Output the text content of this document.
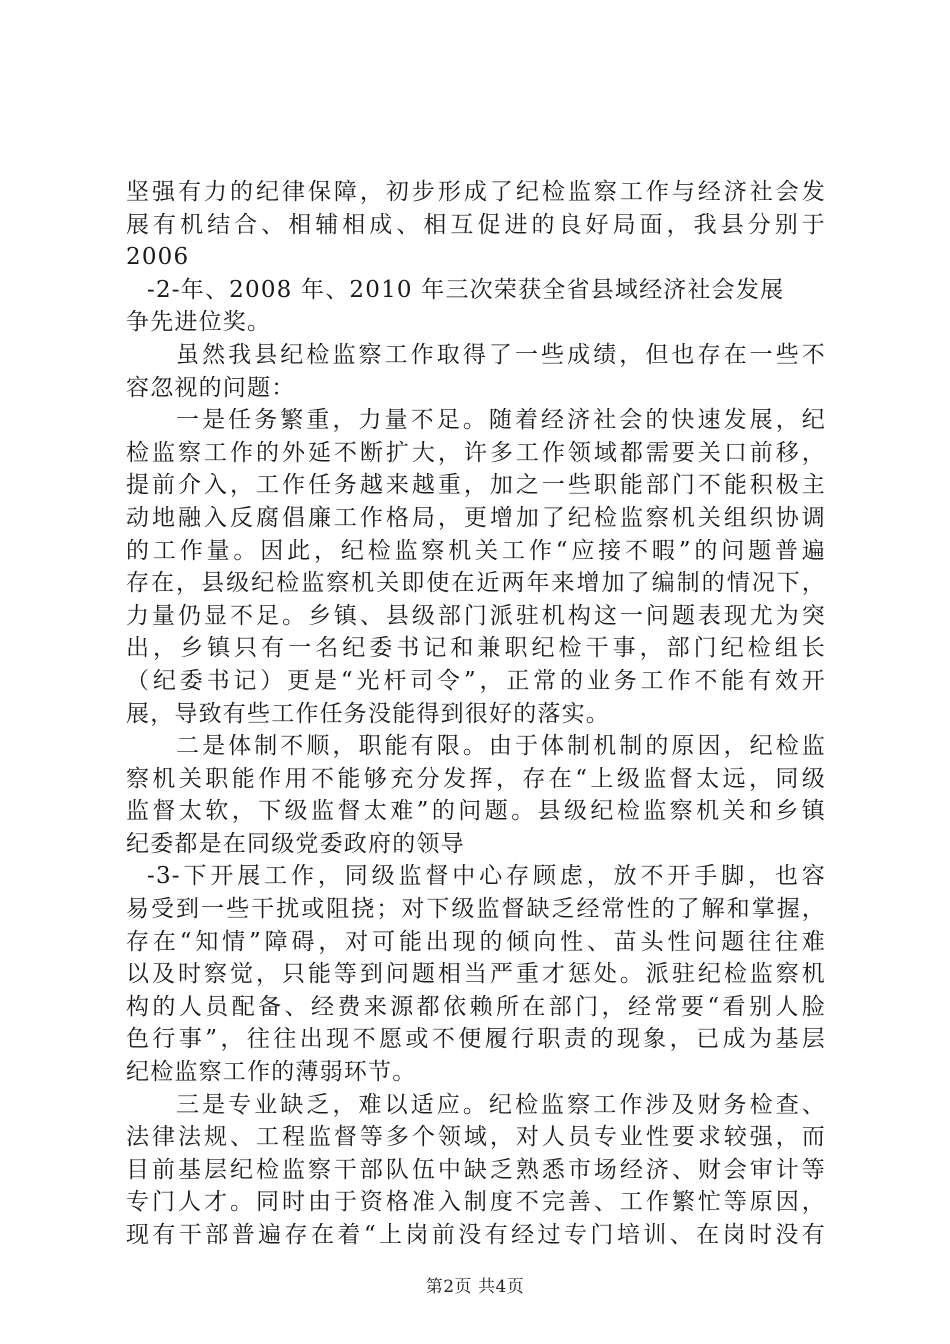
坚强有力的纪律保障，初步形成了纪检监察工作与经济社会发
展有机结合、相辅相成、相互促进的良好局面，我县分别于
2006
-2-年、2008 年、2010 年三次荣获全省县域经济社会发展
争先进位奖。
虽然我县纪检监察工作取得了一些成绩，但也存在一些不
容忽视的问题：
一是任务繁重，力量不足。随着经济社会的快速发展，纪
检监察工作的外延不断扩大，许多工作领域都需要关口前移，
提前介入，工作任务越来越重，加之一些职能部门不能积极主
动地融入反腐倡廉工作格局，更增加了纪检监察机关组织协调
的工作量。因此，纪检监察机关工作“应接不暇”的问题普遍
存在，县级纪检监察机关即使在近两年来增加了编制的情况下，
力量仍显不足。乡镇、县级部门派驻机构这一问题表现尤为突
出，乡镇只有一名纪委书记和兼职纪检干事，部门纪检组长
（纪委书记）更是“光杆司令”，正常的业务工作不能有效开
展，导致有些工作任务没能得到很好的落实。
二是体制不顺，职能有限。由于体制机制的原因，纪检监
察机关职能作用不能够充分发挥，存在“上级监督太远，同级
监督太软，下级监督太难”的问题。县级纪检监察机关和乡镇
纪委都是在同级党委政府的领导
-3-下开展工作，同级监督中心存顾虑，放不开手脚，也容
易受到一些干扰或阻挠；对下级监督缺乏经常性的了解和掌握，
存在“知情”障碍，对可能出现的倾向性、苗头性问题往往难
以及时察觉，只能等到问题相当严重才惩处。派驻纪检监察机
构的人员配备、经费来源都依赖所在部门，经常要“看别人脸
色行事”，往往出现不愿或不便履行职责的现象，已成为基层
纪检监察工作的薄弱环节。
三是专业缺乏，难以适应。纪检监察工作涉及财务检查、
法律法规、工程监督等多个领域，对人员专业性要求较强，而
目前基层纪检监察干部队伍中缺乏熟悉市场经济、财会审计等
专门人才。同时由于资格准入制度不完善、工作繁忙等原因，
现有干部普遍存在着“上岗前没有经过专门培训、在岗时没有
第2页 共4页
